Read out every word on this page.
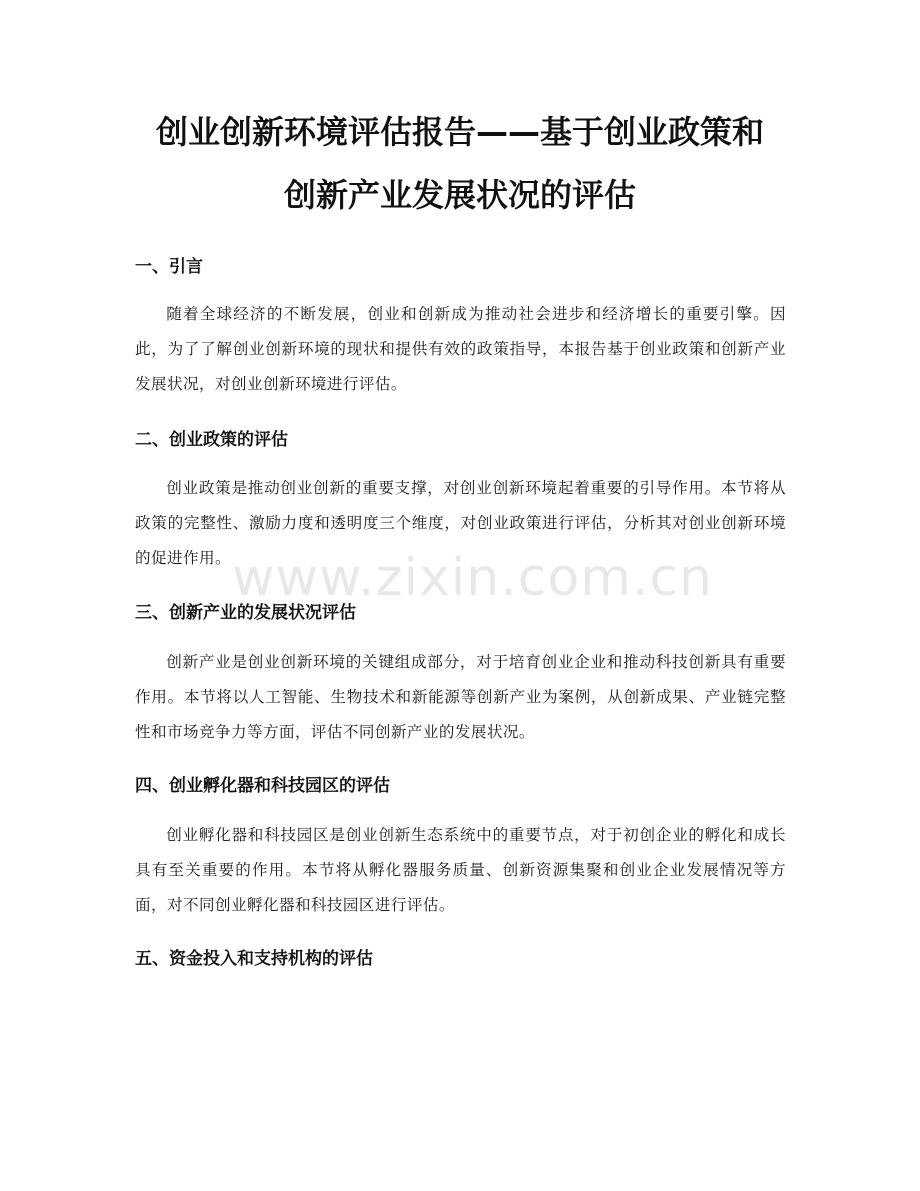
创业创新环境评估报告——基于创业政策和
创新产业发展状况的评估
一、引言

随着全球经济的不断发展，创业和创新成为推动社会进步和经济增长的重要引擎。因此，为了了解创业创新环境的现状和提供有效的政策指导，本报告基于创业政策和创新产业发展状况，对创业创新环境进行评估。

二、创业政策的评估

创业政策是推动创业创新的重要支撑，对创业创新环境起着重要的引导作用。本节将从政策的完整性、激励力度和透明度三个维度，对创业政策进行评估，分析其对创业创新环境的促进作用。

三、创新产业的发展状况评估

创新产业是创业创新环境的关键组成部分，对于培育创业企业和推动科技创新具有重要作用。本节将以人工智能、生物技术和新能源等创新产业为案例，从创新成果、产业链完整性和市场竞争力等方面，评估不同创新产业的发展状况。

四、创业孵化器和科技园区的评估

创业孵化器和科技园区是创业创新生态系统中的重要节点，对于初创企业的孵化和成长具有至关重要的作用。本节将从孵化器服务质量、创新资源集聚和创业企业发展情况等方面，对不同创业孵化器和科技园区进行评估。

五、资金投入和支持机构的评估
www.zixin.com.cn
